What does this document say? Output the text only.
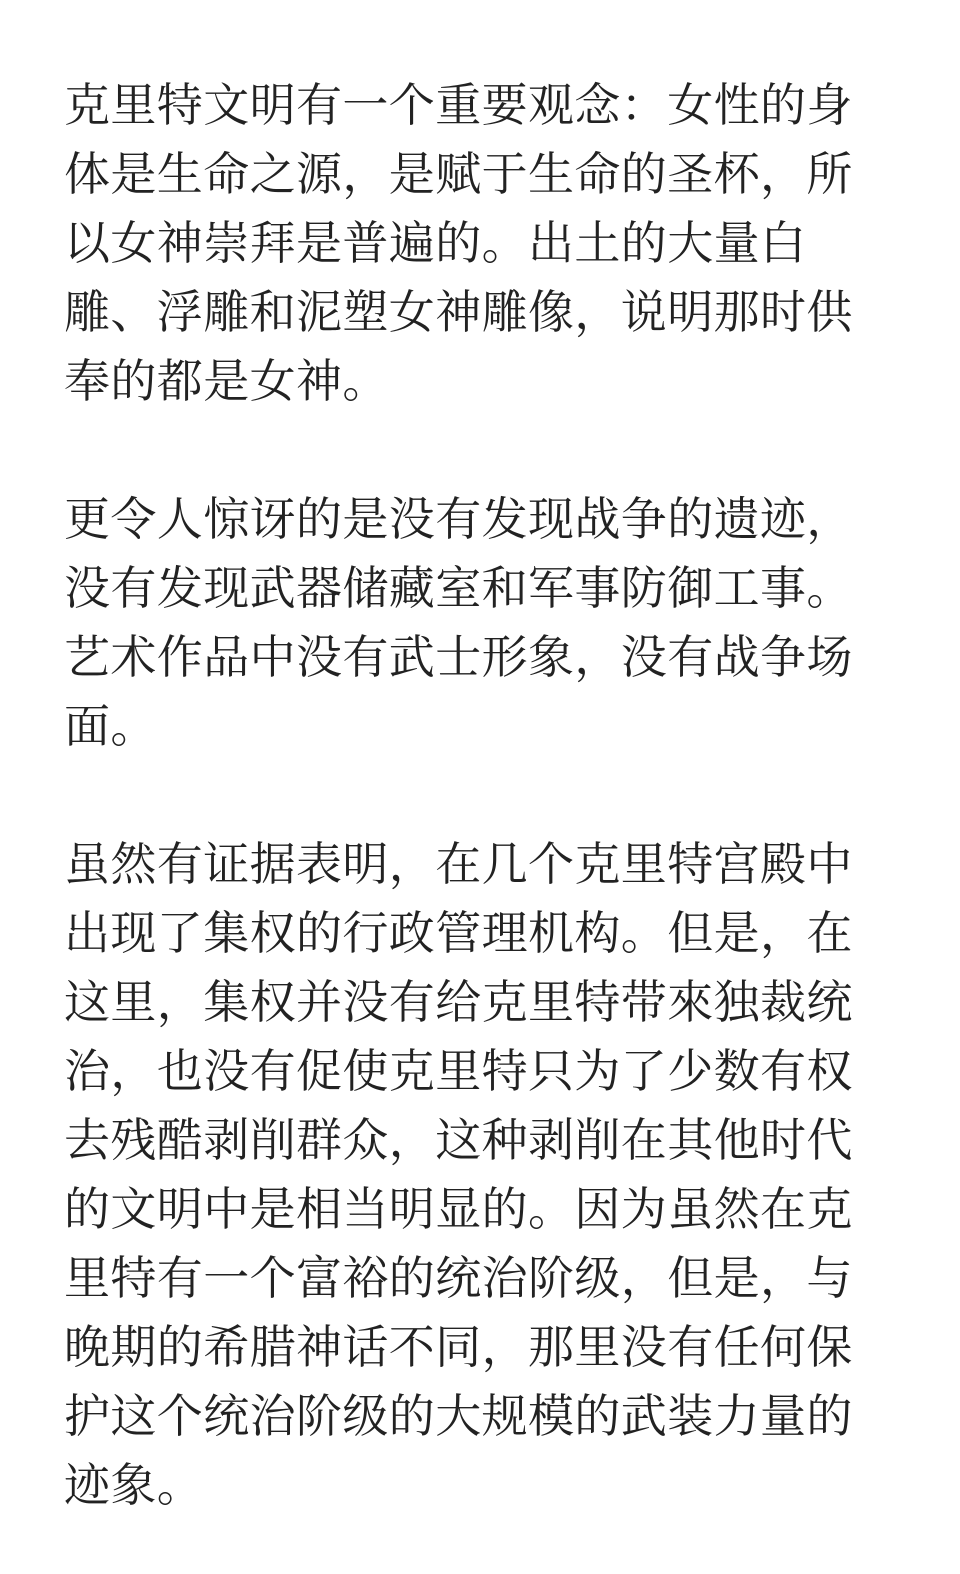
克里特文明有一个重要观念：女性的身
体是生命之源，是赋于生命的圣杯，所
以女神崇拜是普遍的。出土的大量白
雕、浮雕和泥塑女神雕像，说明那时供
奉的都是女神。
更令人惊讶的是没有发现战争的遗迹，
没有发现武器储藏室和军事防御工事。
艺术作品中没有武士形象，没有战争场
面。
虽然有证据表明，在几个克里特宫殿中
出现了集权的行政管理机构。但是，在
这里，集权并没有给克里特带來独裁统
治，也没有促使克里特只为了少数有权
去残酷剥削群众，这种剥削在其他时代
的文明中是相当明显的。因为虽然在克
里特有一个富裕的统治阶级，但是，与
晚期的希腊神话不同，那里没有任何保
护这个统治阶级的大规模的武装力量的
迹象。
